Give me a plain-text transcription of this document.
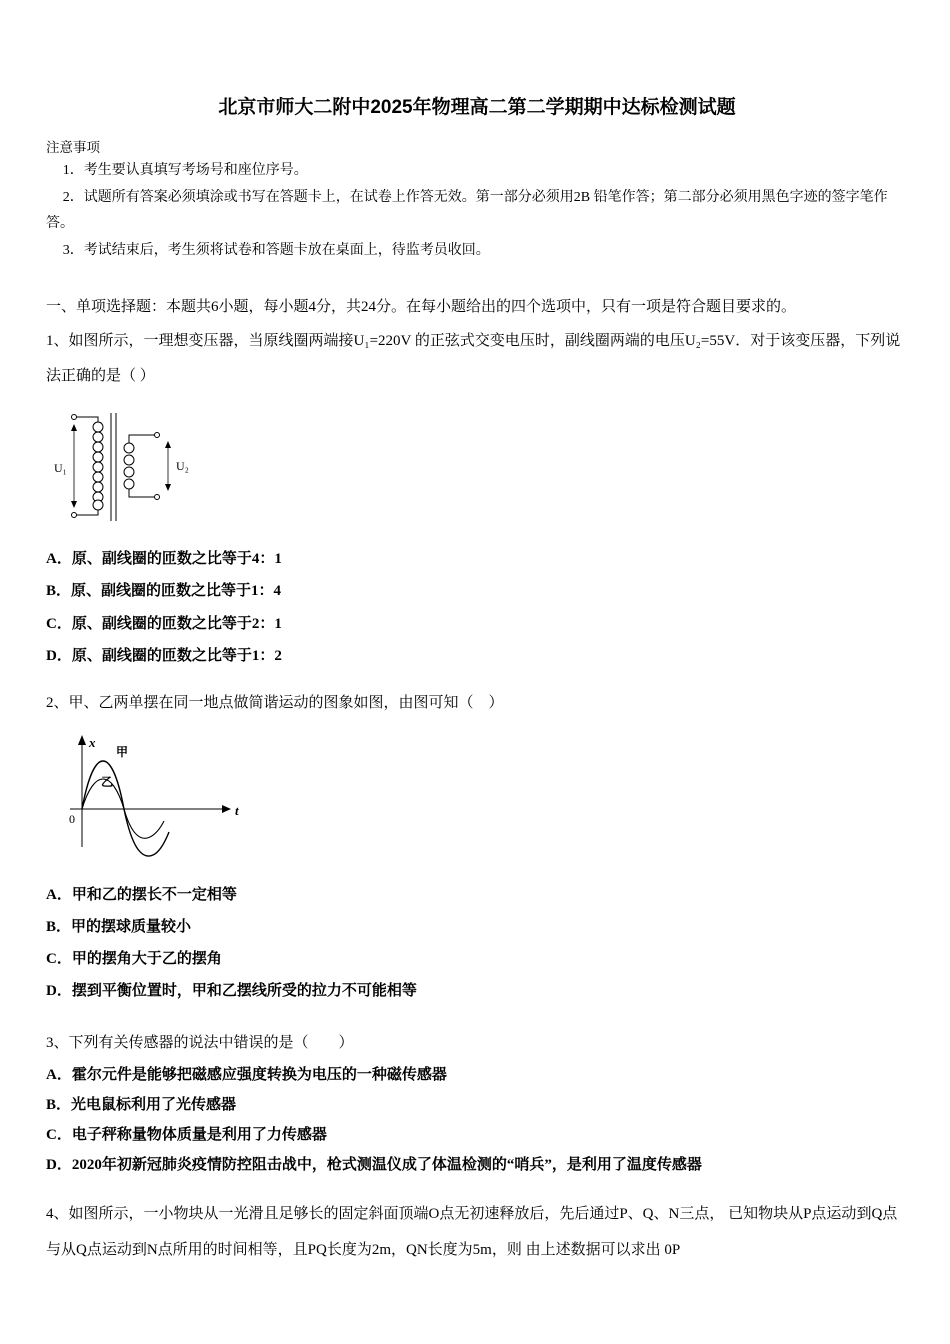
北京市师大二附中2025年物理高二第二学期期中达标检测试题

注意事项

1．考生要认真填写考场号和座位序号。

2．试题所有答案必须填涂或书写在答题卡上，在试卷上作答无效。第一部分必须用2B 铅笔作答；第二部分必须用黑色字迹的签字笔作答。

3．考试结束后，考生须将试卷和答题卡放在桌面上，待监考员收回。

一、单项选择题：本题共6小题，每小题4分，共24分。在每小题给出的四个选项中，只有一项是符合题目要求的。

1、如图所示，一理想变压器，当原线圈两端接U₁=220V 的正弦式交变电压时，副线圈两端的电压U₂=55V．对于该变压器，下列说法正确的是（ ）

U₁	U₂

A．原、副线圈的匝数之比等于4：1

B．原、副线圈的匝数之比等于1：4

C．原、副线圈的匝数之比等于2：1

D．原、副线圈的匝数之比等于1：2

2、甲、乙两单摆在同一地点做简谐运动的图象如图，由图可知（　）

x
t
0
甲
乙

A．甲和乙的摆长不一定相等

B．甲的摆球质量较小

C．甲的摆角大于乙的摆角

D．摆到平衡位置时，甲和乙摆线所受的拉力不可能相等

3、下列有关传感器的说法中错误的是（　　）

A．霍尔元件是能够把磁感应强度转换为电压的一种磁传感器

B．光电鼠标利用了光传感器

C．电子秤称量物体质量是利用了力传感器

D．2020年初新冠肺炎疫情防控阻击战中，枪式测温仪成了体温检测的“哨兵”，是利用了温度传感器

4、如图所示，一小物块从一光滑且足够长的固定斜面顶端O点无初速释放后，先后通过P、Q、N三点， 已知物块从P点运动到Q点与从Q点运动到N点所用的时间相等，且PQ长度为2m，QN长度为5m，则 由上述数据可以求出 0P
